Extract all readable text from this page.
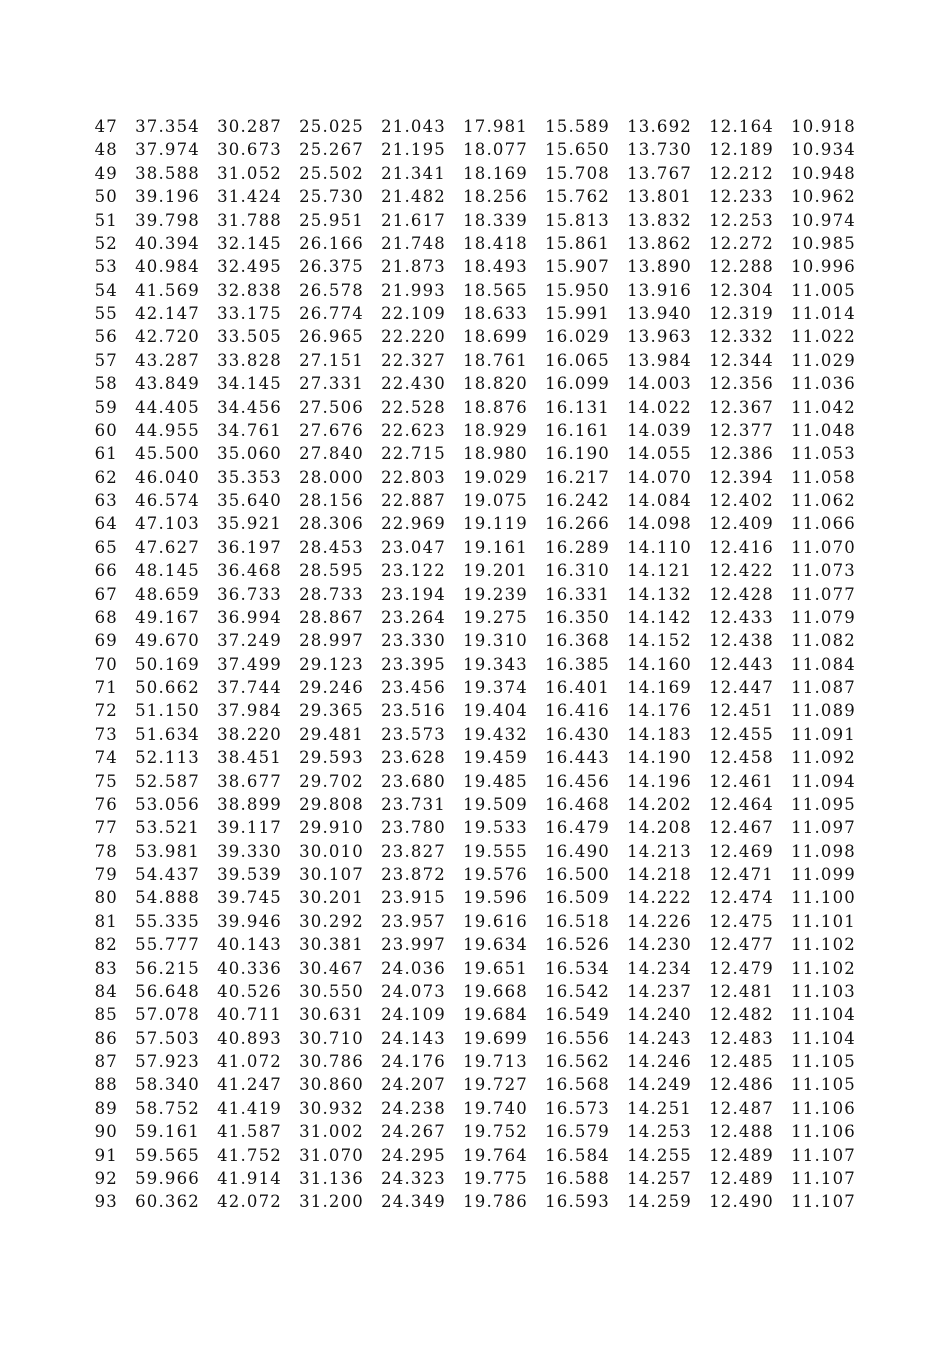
47	37.354	30.287	25.025	21.043	17.981	15.589	13.692	12.164	10.918
48	37.974	30.673	25.267	21.195	18.077	15.650	13.730	12.189	10.934
49	38.588	31.052	25.502	21.341	18.169	15.708	13.767	12.212	10.948
50	39.196	31.424	25.730	21.482	18.256	15.762	13.801	12.233	10.962
51	39.798	31.788	25.951	21.617	18.339	15.813	13.832	12.253	10.974
52	40.394	32.145	26.166	21.748	18.418	15.861	13.862	12.272	10.985
53	40.984	32.495	26.375	21.873	18.493	15.907	13.890	12.288	10.996
54	41.569	32.838	26.578	21.993	18.565	15.950	13.916	12.304	11.005
55	42.147	33.175	26.774	22.109	18.633	15.991	13.940	12.319	11.014
56	42.720	33.505	26.965	22.220	18.699	16.029	13.963	12.332	11.022
57	43.287	33.828	27.151	22.327	18.761	16.065	13.984	12.344	11.029
58	43.849	34.145	27.331	22.430	18.820	16.099	14.003	12.356	11.036
59	44.405	34.456	27.506	22.528	18.876	16.131	14.022	12.367	11.042
60	44.955	34.761	27.676	22.623	18.929	16.161	14.039	12.377	11.048
61	45.500	35.060	27.840	22.715	18.980	16.190	14.055	12.386	11.053
62	46.040	35.353	28.000	22.803	19.029	16.217	14.070	12.394	11.058
63	46.574	35.640	28.156	22.887	19.075	16.242	14.084	12.402	11.062
64	47.103	35.921	28.306	22.969	19.119	16.266	14.098	12.409	11.066
65	47.627	36.197	28.453	23.047	19.161	16.289	14.110	12.416	11.070
66	48.145	36.468	28.595	23.122	19.201	16.310	14.121	12.422	11.073
67	48.659	36.733	28.733	23.194	19.239	16.331	14.132	12.428	11.077
68	49.167	36.994	28.867	23.264	19.275	16.350	14.142	12.433	11.079
69	49.670	37.249	28.997	23.330	19.310	16.368	14.152	12.438	11.082
70	50.169	37.499	29.123	23.395	19.343	16.385	14.160	12.443	11.084
71	50.662	37.744	29.246	23.456	19.374	16.401	14.169	12.447	11.087
72	51.150	37.984	29.365	23.516	19.404	16.416	14.176	12.451	11.089
73	51.634	38.220	29.481	23.573	19.432	16.430	14.183	12.455	11.091
74	52.113	38.451	29.593	23.628	19.459	16.443	14.190	12.458	11.092
75	52.587	38.677	29.702	23.680	19.485	16.456	14.196	12.461	11.094
76	53.056	38.899	29.808	23.731	19.509	16.468	14.202	12.464	11.095
77	53.521	39.117	29.910	23.780	19.533	16.479	14.208	12.467	11.097
78	53.981	39.330	30.010	23.827	19.555	16.490	14.213	12.469	11.098
79	54.437	39.539	30.107	23.872	19.576	16.500	14.218	12.471	11.099
80	54.888	39.745	30.201	23.915	19.596	16.509	14.222	12.474	11.100
81	55.335	39.946	30.292	23.957	19.616	16.518	14.226	12.475	11.101
82	55.777	40.143	30.381	23.997	19.634	16.526	14.230	12.477	11.102
83	56.215	40.336	30.467	24.036	19.651	16.534	14.234	12.479	11.102
84	56.648	40.526	30.550	24.073	19.668	16.542	14.237	12.481	11.103
85	57.078	40.711	30.631	24.109	19.684	16.549	14.240	12.482	11.104
86	57.503	40.893	30.710	24.143	19.699	16.556	14.243	12.483	11.104
87	57.923	41.072	30.786	24.176	19.713	16.562	14.246	12.485	11.105
88	58.340	41.247	30.860	24.207	19.727	16.568	14.249	12.486	11.105
89	58.752	41.419	30.932	24.238	19.740	16.573	14.251	12.487	11.106
90	59.161	41.587	31.002	24.267	19.752	16.579	14.253	12.488	11.106
91	59.565	41.752	31.070	24.295	19.764	16.584	14.255	12.489	11.107
92	59.966	41.914	31.136	24.323	19.775	16.588	14.257	12.489	11.107
93	60.362	42.072	31.200	24.349	19.786	16.593	14.259	12.490	11.107
